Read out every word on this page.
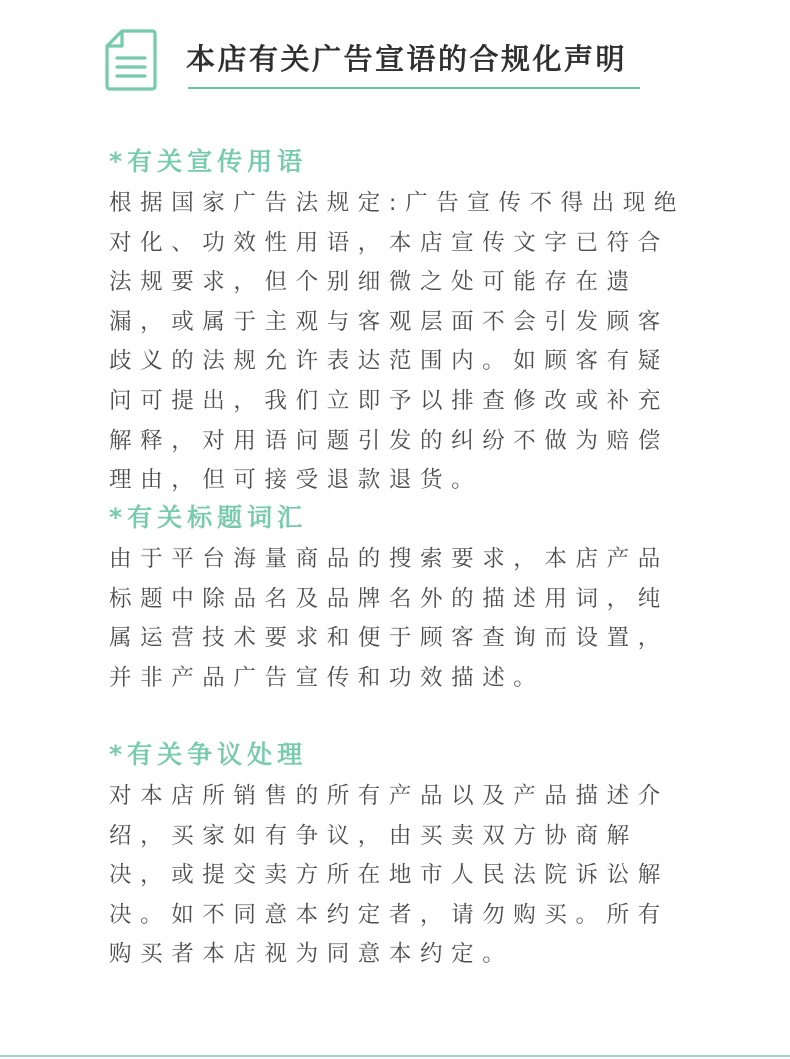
本店有关广告宣语的合规化声明
*有关宣传用语
根据国家广告法规定:广告宣传不得出现绝对化、功效性用语，本店宣传文字已符合法规要求，但个别细微之处可能存在遗漏，或属于主观与客观层面不会引发顾客歧义的法规允许表达范围内。如顾客有疑问可提出，我们立即予以排查修改或补充解释，对用语问题引发的纠纷不做为赔偿理由，但可接受退款退货。
*有关标题词汇
由于平台海量商品的搜索要求，本店产品标题中除品名及品牌名外的描述用词，纯属运营技术要求和便于顾客查询而设置，并非产品广告宣传和功效描述。
*有关争议处理
对本店所销售的所有产品以及产品描述介绍，买家如有争议，由买卖双方协商解决，或提交卖方所在地市人民法院诉讼解决。如不同意本约定者，请勿购买。所有购买者本店视为同意本约定。
